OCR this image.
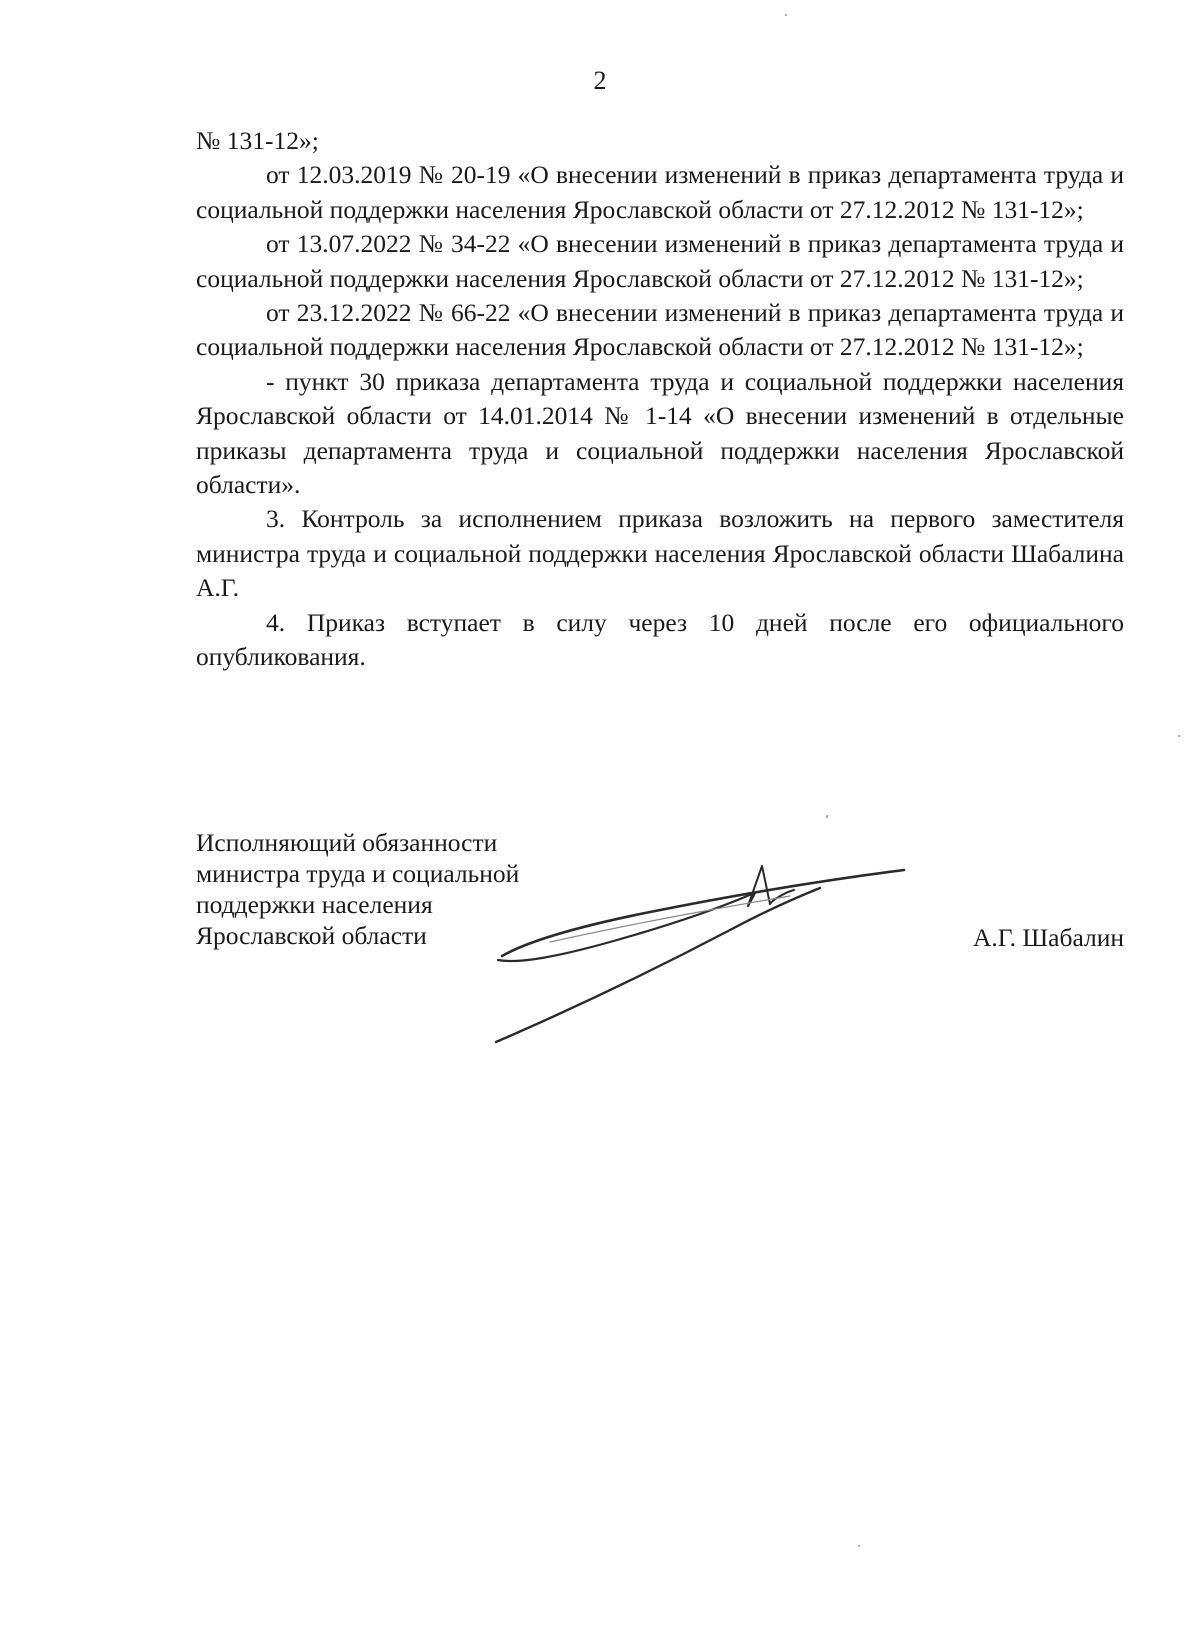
2

№ 131-12»;

от 12.03.2019 № 20-19 «О внесении изменений в приказ департамента труда и социальной поддержки населения Ярославской области от 27.12.2012 № 131-12»;

от 13.07.2022 № 34-22 «О внесении изменений в приказ департамента труда и социальной поддержки населения Ярославской области от 27.12.2012 № 131-12»;

от 23.12.2022 № 66-22 «О внесении изменений в приказ департамента труда и социальной поддержки населения Ярославской области от 27.12.2012 № 131-12»;

- пункт 30 приказа департамента труда и социальной поддержки населения Ярославской области от 14.01.2014 № 1-14 «О внесении изменений в отдельные приказы департамента труда и социальной поддержки населения Ярославской области».

3. Контроль за исполнением приказа возложить на первого заместителя министра труда и социальной поддержки населения Ярославской области Шабалина А.Г.

4. Приказ вступает в силу через 10 дней после его официального опубликования.

Исполняющий обязанности
министра труда и социальной
поддержки населения
Ярославской области	А.Г. Шабалин
